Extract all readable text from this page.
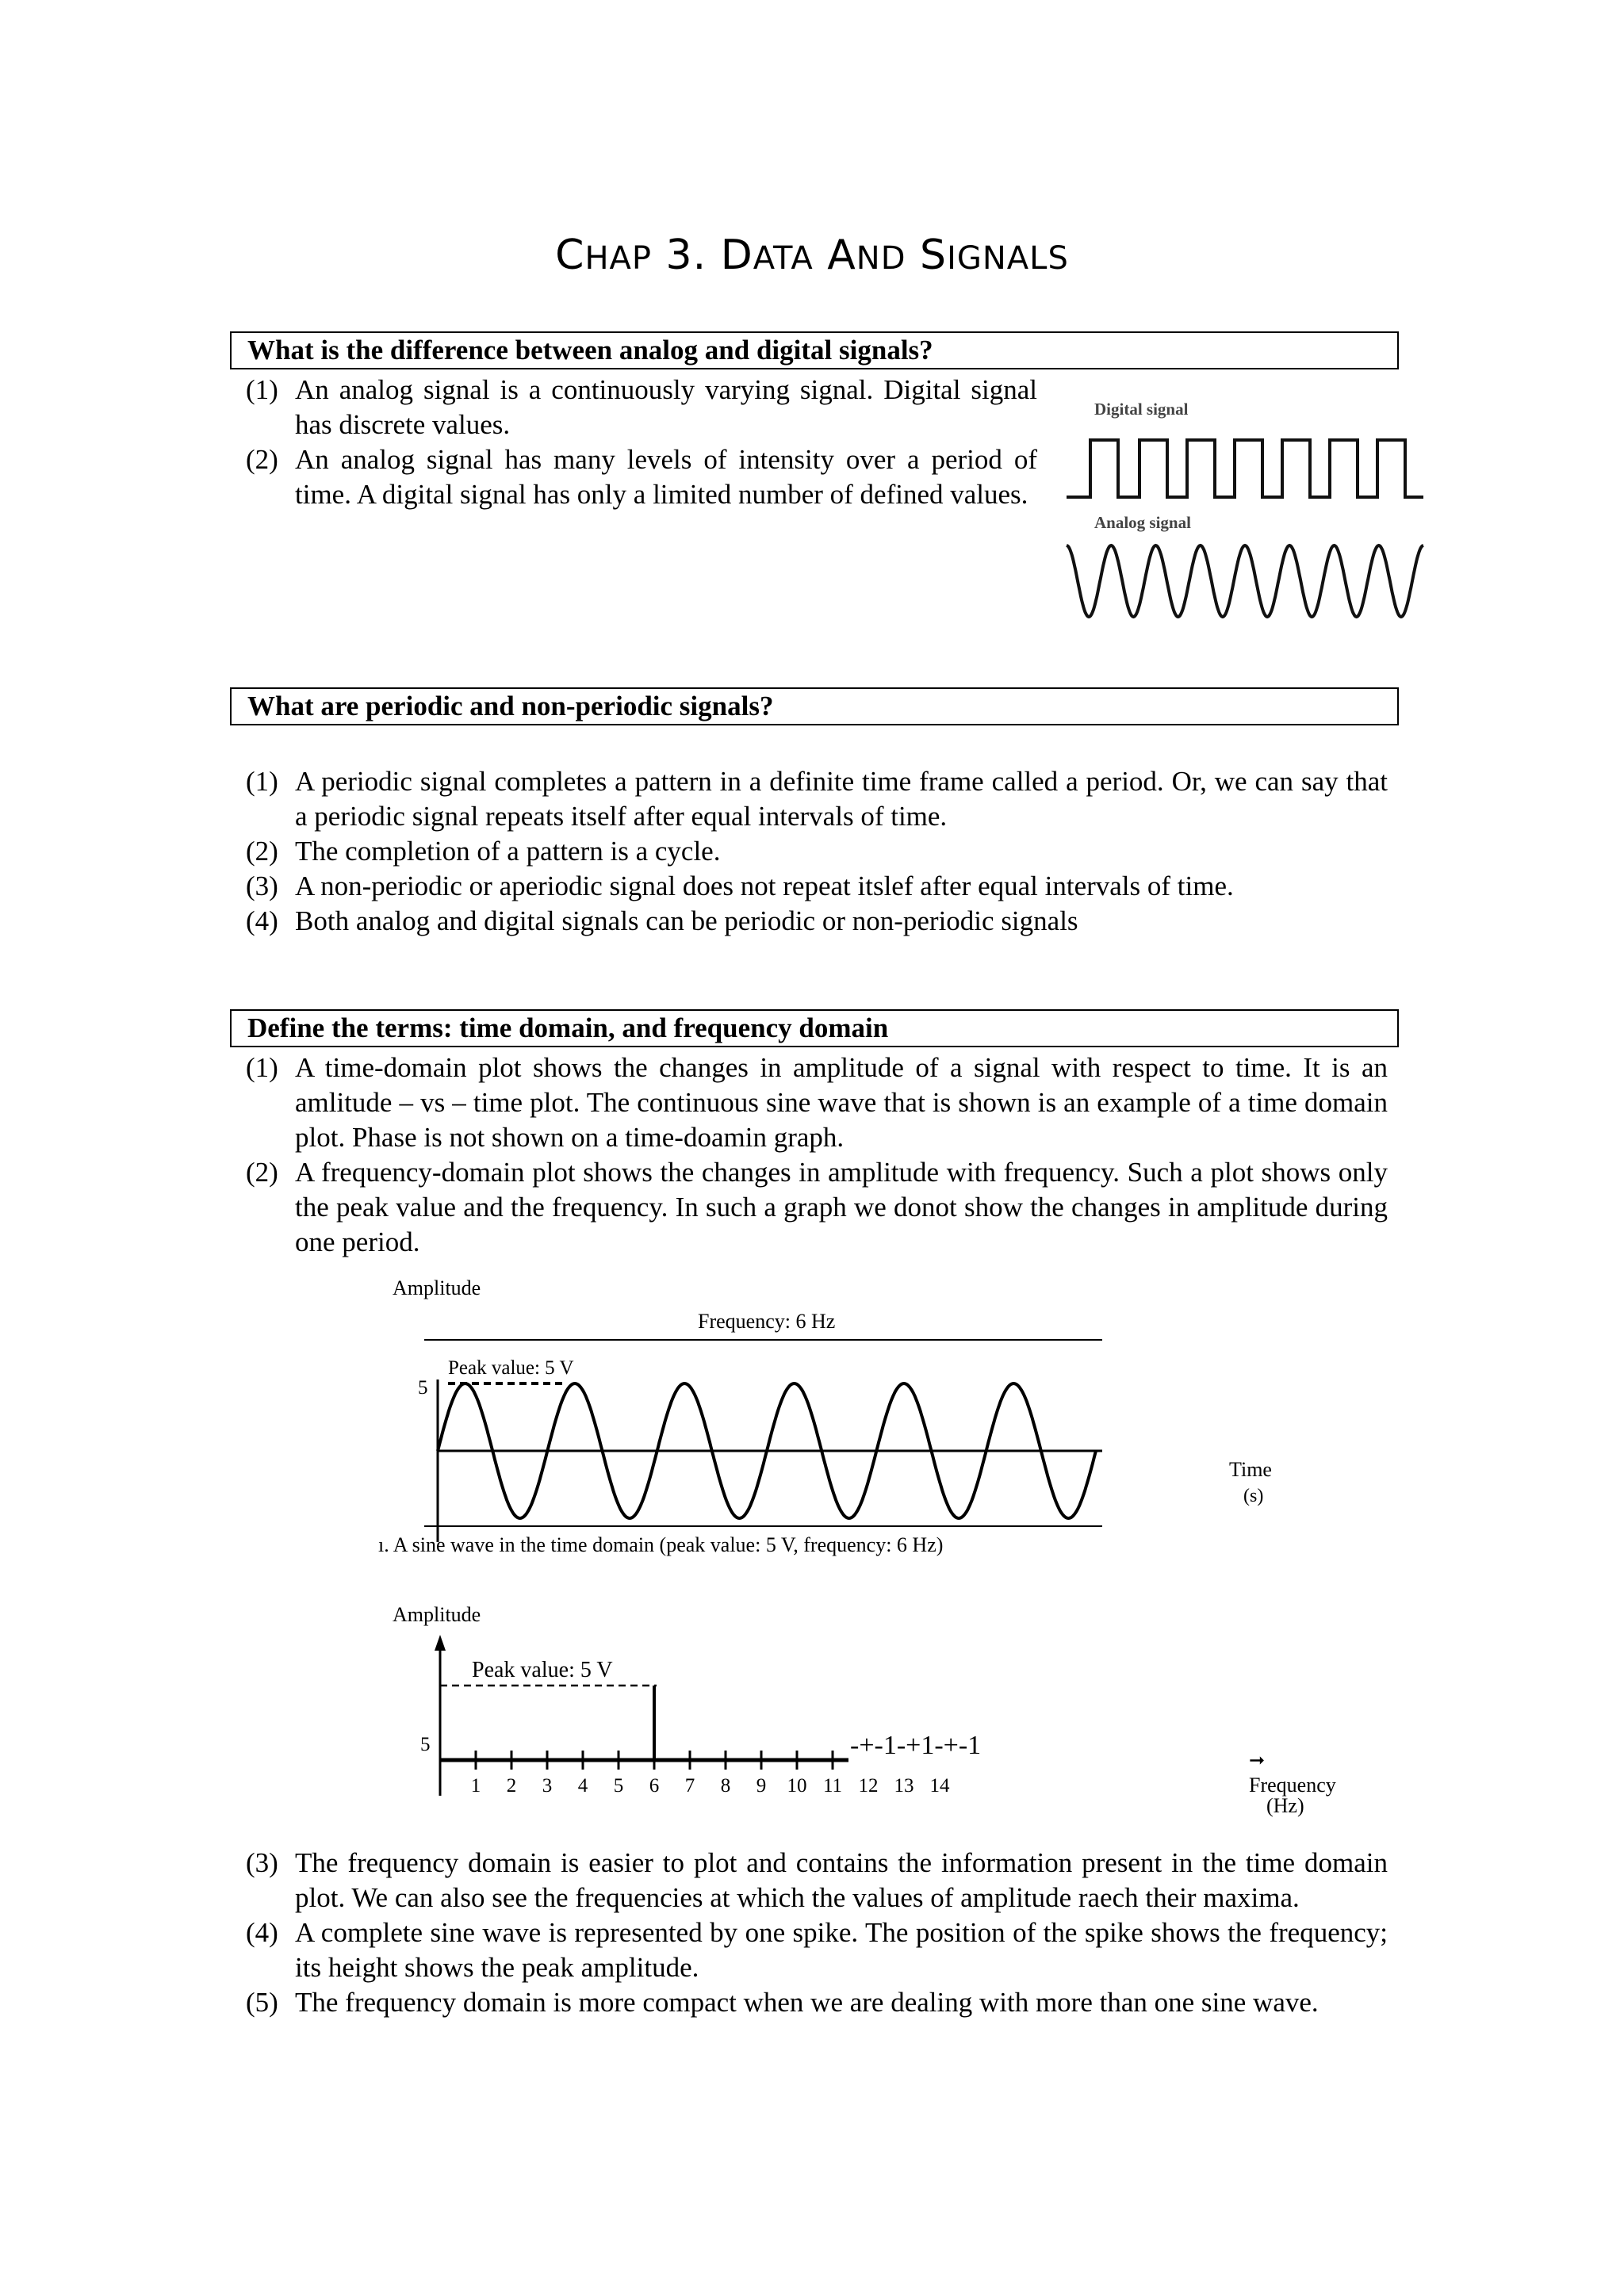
CHAP 3. DATA AND SIGNALS
What is the difference between analog and digital signals?
(1) An analog signal is a continuously varying signal. Digital signal has discrete values.
(2) An analog signal has many levels of intensity over a period of time. A digital signal has only a limited number of defined values.
Digital signal
Analog signal
What are periodic and non-periodic signals?
(1) A periodic signal completes a pattern in a definite time frame called a period. Or, we can say that a periodic signal repeats itself after equal intervals of time.
(2) The completion of a pattern is a cycle.
(3) A non-periodic or aperiodic signal does not repeat itslef after equal intervals of time.
(4) Both analog and digital signals can be periodic or non-periodic signals
Define the terms: time domain, and frequency domain
(1) A time-domain plot shows the changes in amplitude of a signal with respect to time. It is an amlitude – vs – time plot. The continuous sine wave that is shown is an example of a time domain plot. Phase is not shown on a time-doamin graph.
(2) A frequency-domain plot shows the changes in amplitude with frequency. Such a plot shows only the peak value and the frequency. In such a graph we donot show the changes in amplitude during one period.
Amplitude
Frequency: 6 Hz
Peak value: 5 V
5
Time
(s)
ı. A sine wave in the time domain (peak value: 5 V, frequency: 6 Hz)
Amplitude
Peak value: 5 V
5
1 2 3 4 5 6 7 8 9 10 11 12 13 14
-+-1-+1-+-1
➞
Frequency
(Hz)
(3) The frequency domain is easier to plot and contains the information present in the time domain plot. We can also see the frequencies at which the values of amplitude raech their maxima.
(4) A complete sine wave is represented by one spike. The position of the spike shows the frequency; its height shows the peak amplitude.
(5) The frequency domain is more compact when we are dealing with more than one sine wave.
